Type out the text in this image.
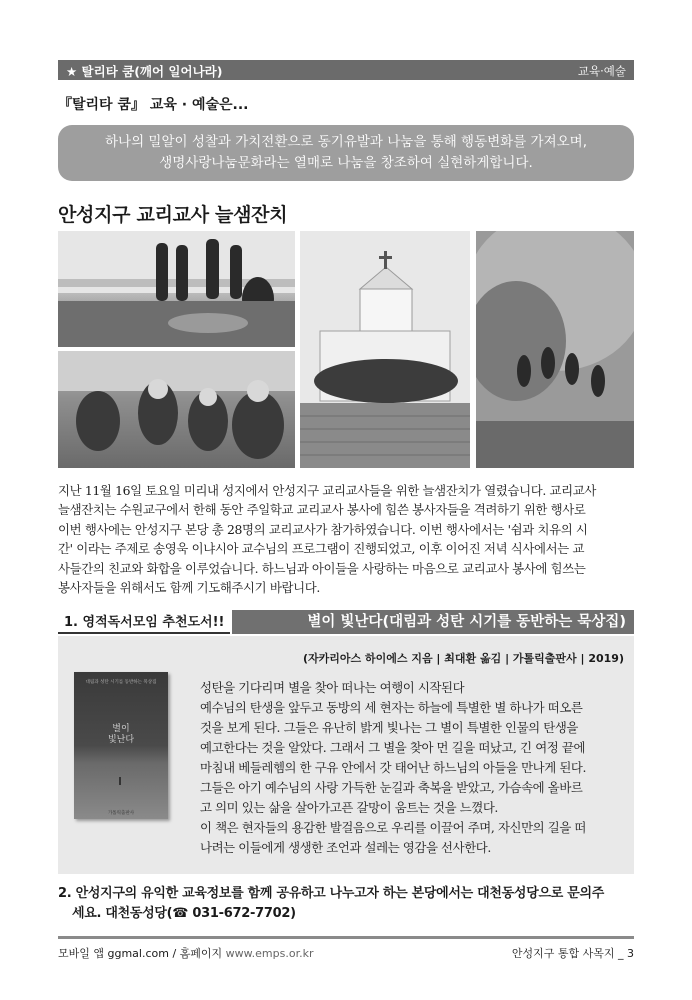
★ 탈리타 쿰(깨어 일어나라)	교육·예술
『탈리타 쿰』 교육 · 예술은...
하나의 밀알이 성찰과 가치전환으로 동기유발과 나눔을 통해 행동변화를 가져오며,
생명사랑나눔문화라는 열매로 나눔을 창조하여 실현하게합니다.
안성지구 교리교사 늘샘잔치
지난 11월 16일 토요일 미리내 성지에서 안성지구 교리교사들을 위한 늘샘잔치가 열렸습니다. 교리교사
늘샘잔치는 수원교구에서 한해 동안 주일학교 교리교사 봉사에 힘쓴 봉사자들을 격려하기 위한 행사로
이번 행사에는 안성지구 본당 총 28명의 교리교사가 참가하였습니다. 이번 행사에서는 '쉼과 치유의 시
간' 이라는 주제로 송영욱 이냐시아 교수님의 프로그램이 진행되었고, 이후 이어진 저녁 식사에서는 교
사들간의 친교와 화합을 이루었습니다. 하느님과 아이들을 사랑하는 마음으로 교리교사 봉사에 힘쓰는
봉사자들을 위해서도 함께 기도해주시기 바랍니다.
1. 영적독서모임 추천도서!!	별이 빛난다(대림과 성탄 시기를 동반하는 묵상집)
(자카리아스 하이에스 지음 | 최대환 옮김 | 가톨릭출판사 | 2019)
대림과 성탄 시기를 동반하는 묵상집
별이
빛난다
가톨릭출판사
성탄을 기다리며 별을 찾아 떠나는 여행이 시작된다
예수님의 탄생을 앞두고 동방의 세 현자는 하늘에 특별한 별 하나가 떠오른
것을 보게 된다. 그들은 유난히 밝게 빛나는 그 별이 특별한 인물의 탄생을
예고한다는 것을 알았다. 그래서 그 별을 찾아 먼 길을 떠났고, 긴 여정 끝에
마침내 베들레헴의 한 구유 안에서 갓 태어난 하느님의 아들을 만나게 된다.
그들은 아기 예수님의 사랑 가득한 눈길과 축복을 받았고, 가슴속에 올바르
고 의미 있는 삶을 살아가고픈 갈망이 움트는 것을 느꼈다.
이 책은 현자들의 용감한 발걸음으로 우리를 이끌어 주며, 자신만의 길을 떠
나려는 이들에게 생생한 조언과 설레는 영감을 선사한다.
2. 안성지구의 유익한 교육정보를 함께 공유하고 나누고자 하는 본당에서는 대천동성당으로 문의주
세요. 대천동성당(☎ 031-672-7702)
모바일 앱 ggmal.com / 홈페이지 www.emps.or.kr	안성지구 통합 사목지 _ 3
